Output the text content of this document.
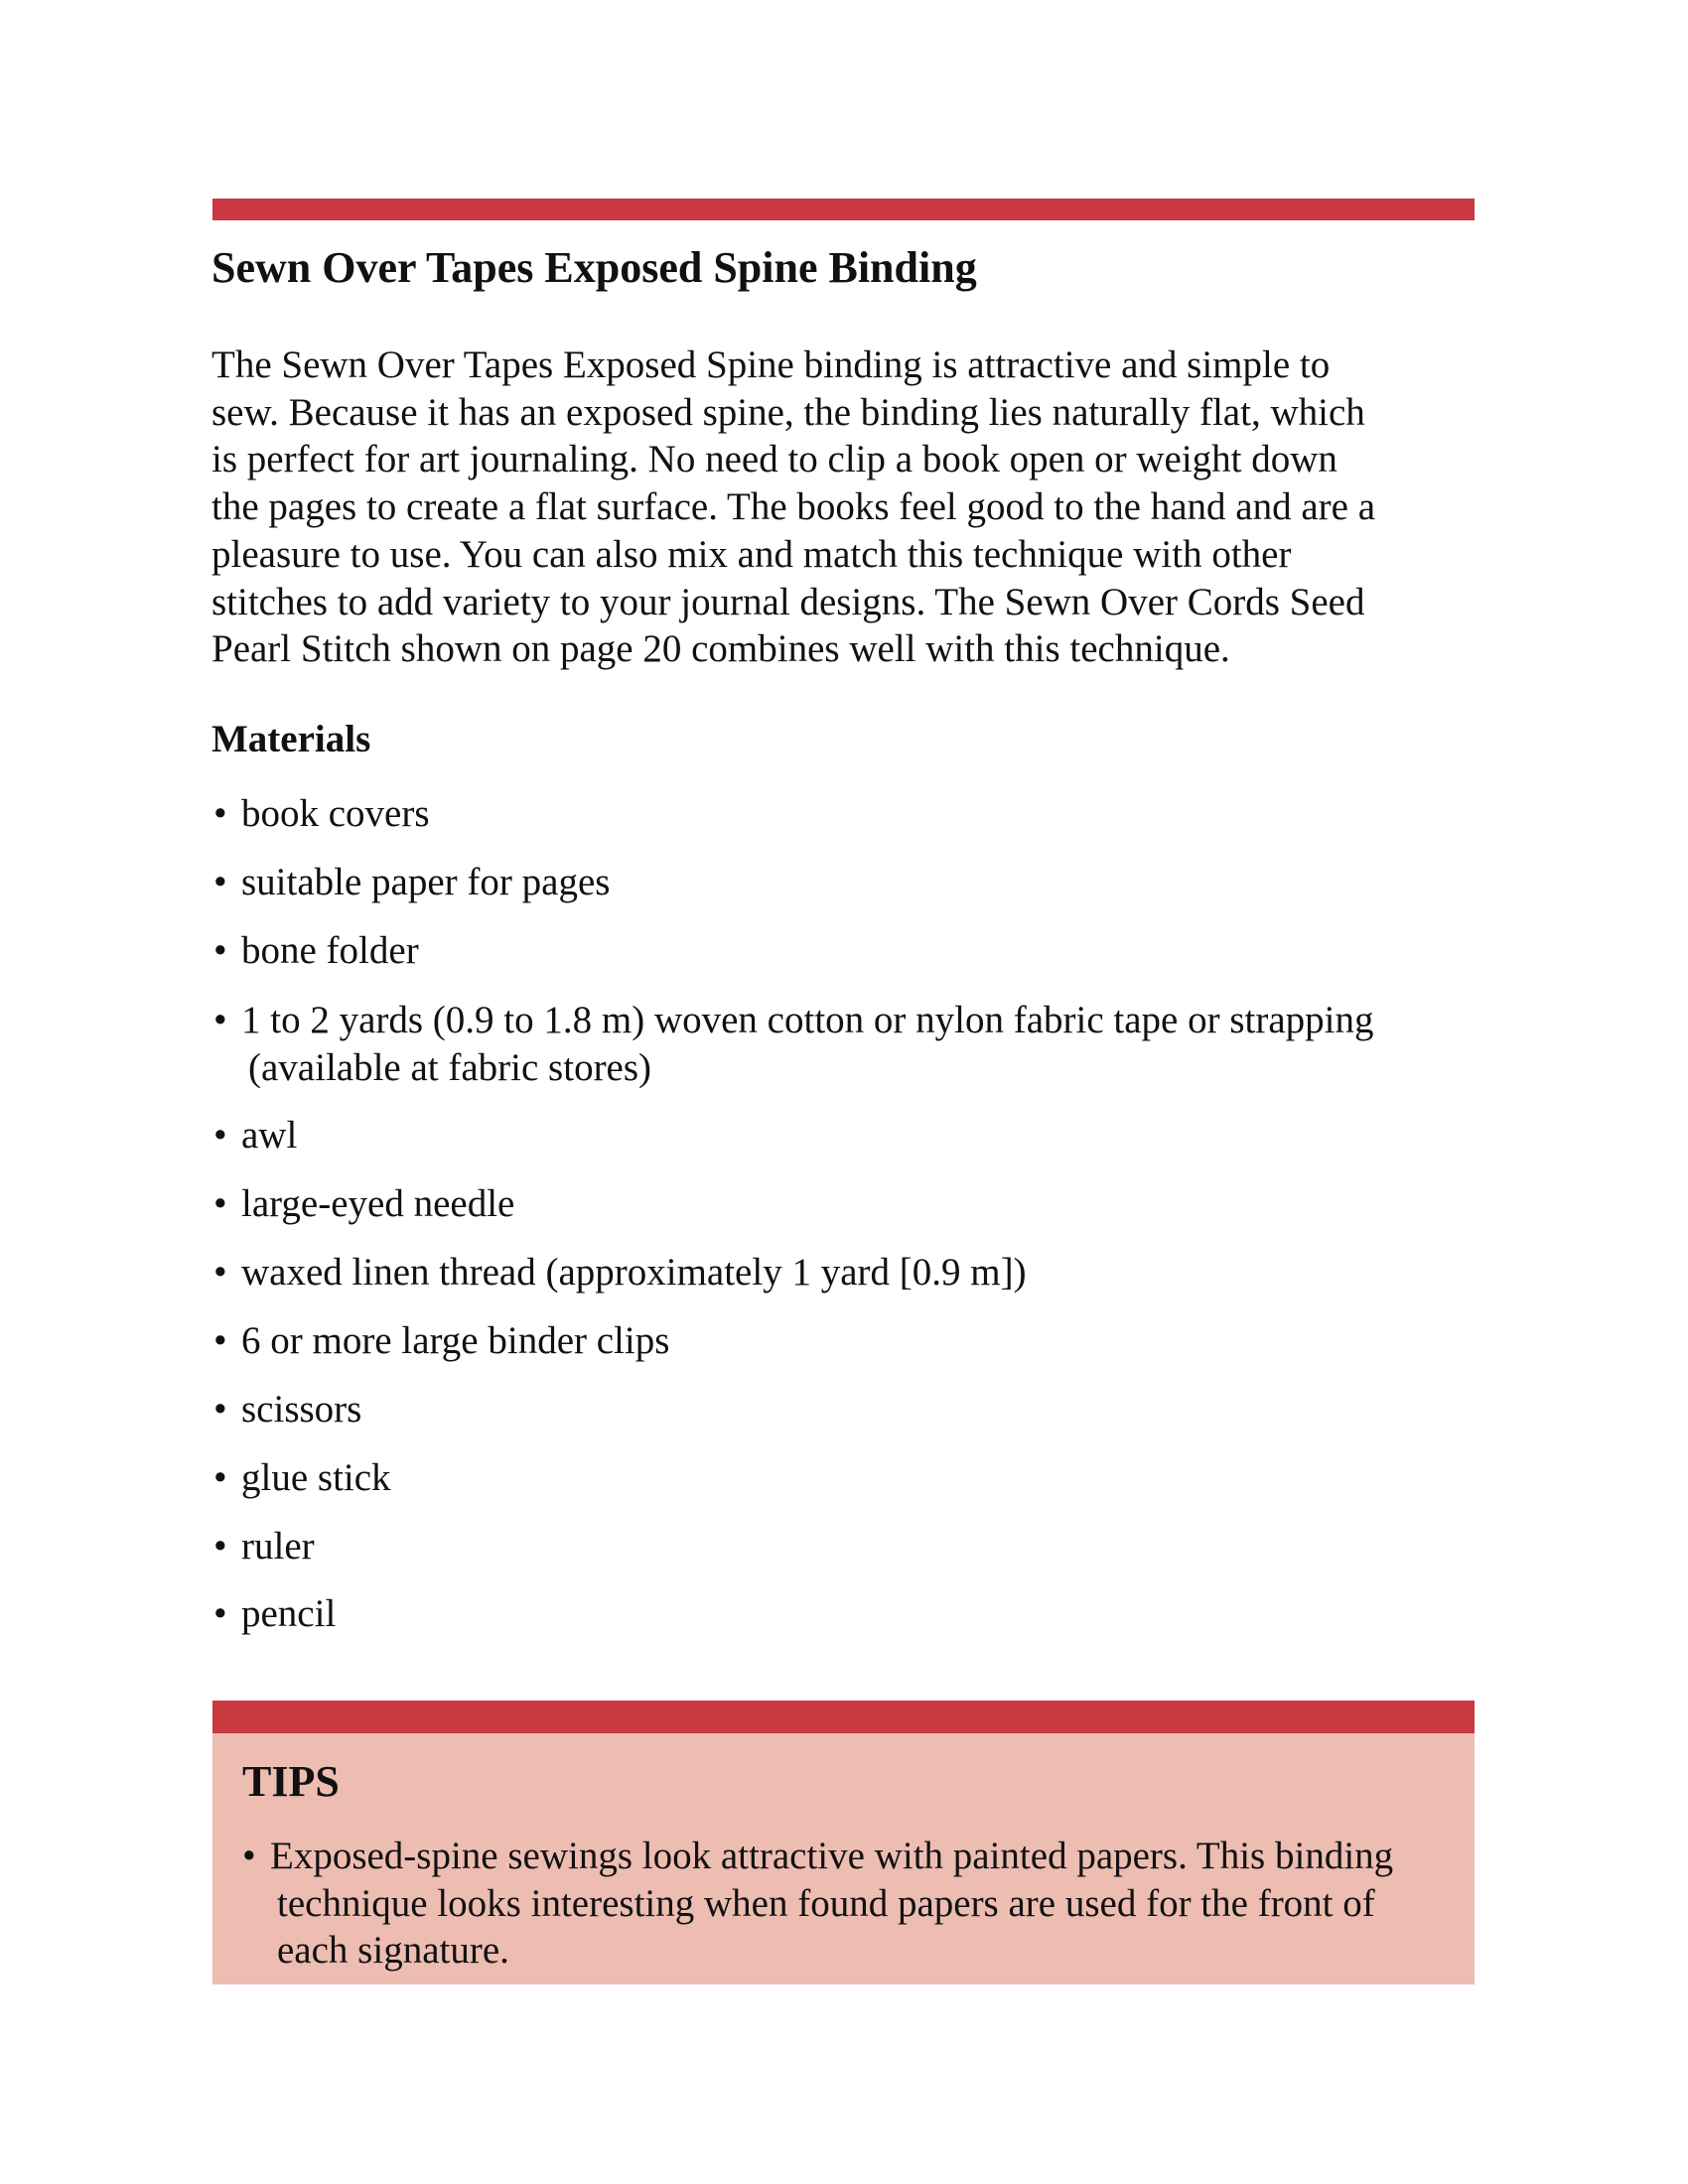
Sewn Over Tapes Exposed Spine Binding

The Sewn Over Tapes Exposed Spine binding is attractive and simple to
sew. Because it has an exposed spine, the binding lies naturally flat, which
is perfect for art journaling. No need to clip a book open or weight down
the pages to create a flat surface. The books feel good to the hand and are a
pleasure to use. You can also mix and match this technique with other
stitches to add variety to your journal designs. The Sewn Over Cords Seed
Pearl Stitch shown on page 20 combines well with this technique.

Materials
• book covers
• suitable paper for pages
• bone folder
• 1 to 2 yards (0.9 to 1.8 m) woven cotton or nylon fabric tape or strapping
(available at fabric stores)
• awl
• large-eyed needle
• waxed linen thread (approximately 1 yard [0.9 m])
• 6 or more large binder clips
• scissors
• glue stick
• ruler
• pencil
TIPS
• Exposed-spine sewings look attractive with painted papers. This binding
technique looks interesting when found papers are used for the front of
each signature.
